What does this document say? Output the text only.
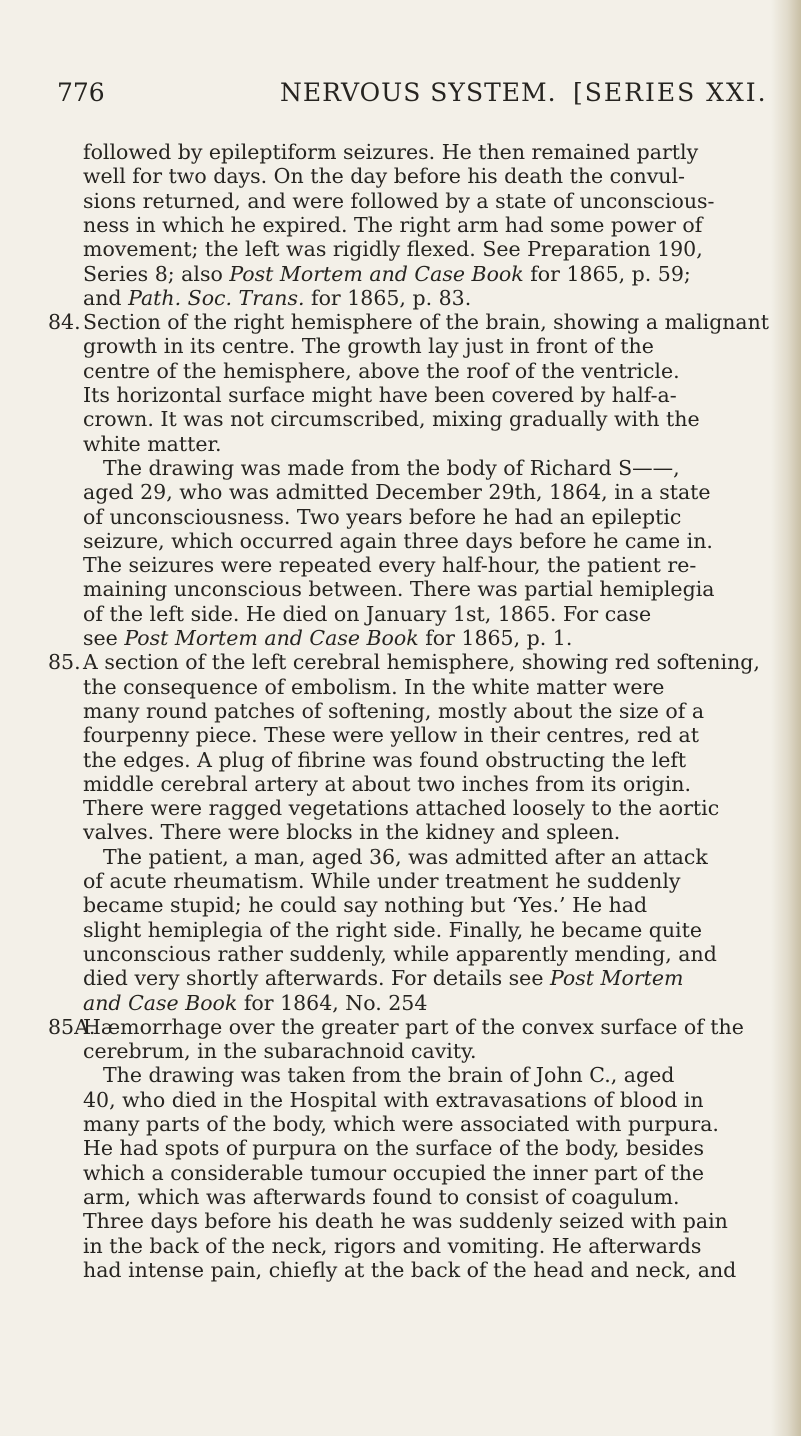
776	NERVOUS SYSTEM. [SERIES XXI.
followed by epileptiform seizures. He then remained partly
well for two days. On the day before his death the convul-
sions returned, and were followed by a state of unconscious-
ness in which he expired. The right arm had some power of
movement; the left was rigidly flexed. See Preparation 190,
Series 8; also Post Mortem and Case Book for 1865, p. 59;
and Path. Soc. Trans. for 1865, p. 83.
84. Section of the right hemisphere of the brain, showing a malignant
growth in its centre. The growth lay just in front of the
centre of the hemisphere, above the roof of the ventricle.
Its horizontal surface might have been covered by half-a-
crown. It was not circumscribed, mixing gradually with the
white matter.
The drawing was made from the body of Richard S——,
aged 29, who was admitted December 29th, 1864, in a state
of unconsciousness. Two years before he had an epileptic
seizure, which occurred again three days before he came in.
The seizures were repeated every half-hour, the patient re-
maining unconscious between. There was partial hemiplegia
of the left side. He died on January 1st, 1865. For case
see Post Mortem and Case Book for 1865, p. 1.
85. A section of the left cerebral hemisphere, showing red softening,
the consequence of embolism. In the white matter were
many round patches of softening, mostly about the size of a
fourpenny piece. These were yellow in their centres, red at
the edges. A plug of fibrine was found obstructing the left
middle cerebral artery at about two inches from its origin.
There were ragged vegetations attached loosely to the aortic
valves. There were blocks in the kidney and spleen.
The patient, a man, aged 36, was admitted after an attack
of acute rheumatism. While under treatment he suddenly
became stupid; he could say nothing but ‘Yes.’ He had
slight hemiplegia of the right side. Finally, he became quite
unconscious rather suddenly, while apparently mending, and
died very shortly afterwards. For details see Post Mortem
and Case Book for 1864, No. 254
85A.
Hæmorrhage over the greater part of the convex surface of the
cerebrum, in the subarachnoid cavity.
The drawing was taken from the brain of John C., aged
40, who died in the Hospital with extravasations of blood in
many parts of the body, which were associated with purpura.
He had spots of purpura on the surface of the body, besides
which a considerable tumour occupied the inner part of the
arm, which was afterwards found to consist of coagulum.
Three days before his death he was suddenly seized with pain
in the back of the neck, rigors and vomiting. He afterwards
had intense pain, chiefly at the back of the head and neck, and
